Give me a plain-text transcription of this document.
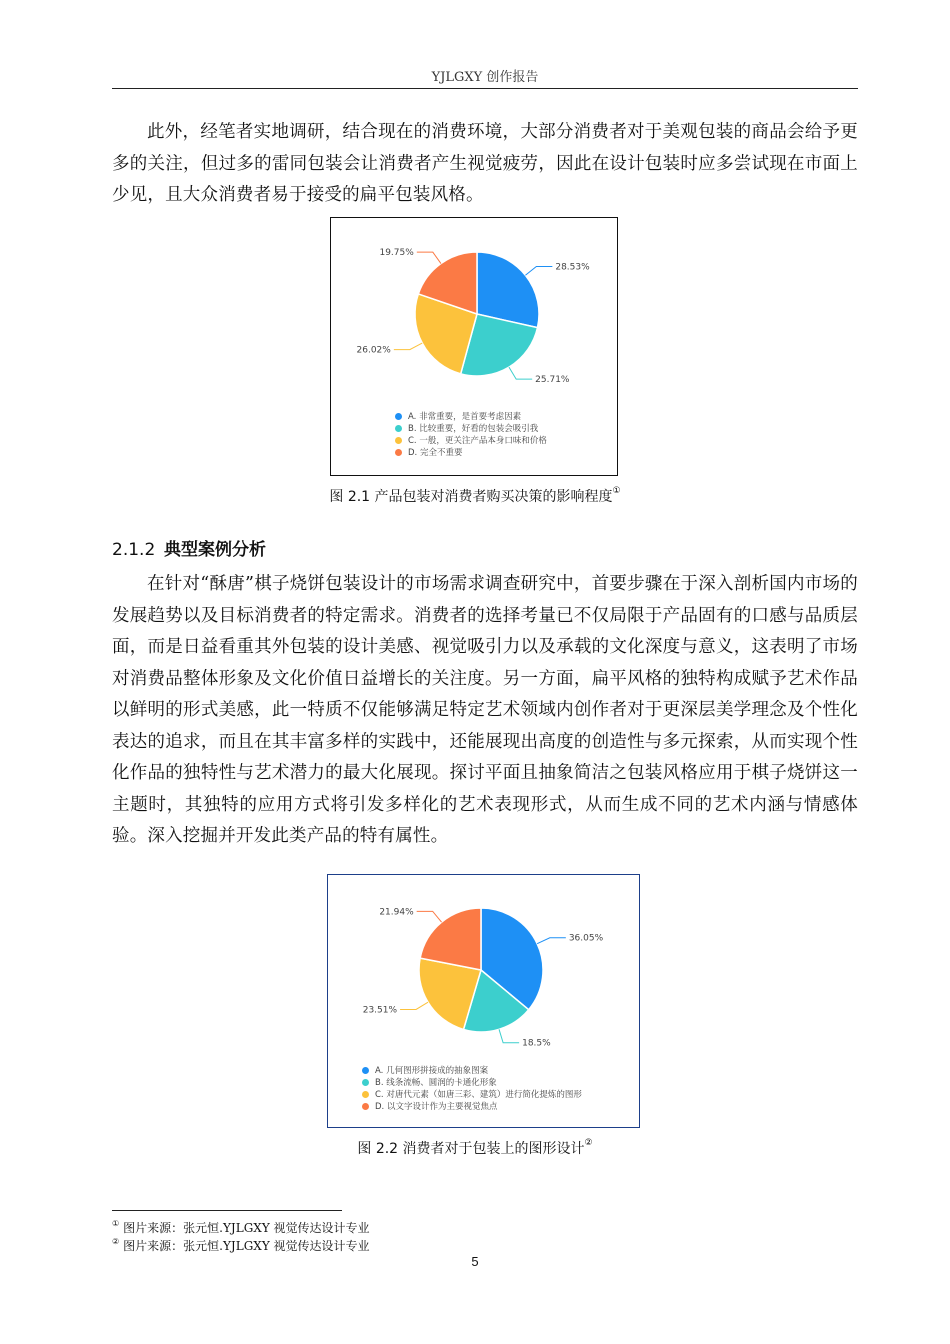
YJLGXY 创作报告

此外，经笔者实地调研，结合现在的消费环境，大部分消费者对于美观包装的商品会给予更多的关注，但过多的雷同包装会让消费者产生视觉疲劳，因此在设计包装时应多尝试现在市面上少见，且大众消费者易于接受的扁平包装风格。

28.53%
25.71%
26.02%
19.75%
A. 非常重要，是首要考虑因素
B. 比较重要，好看的包装会吸引我
C. 一般，更关注产品本身口味和价格
D. 完全不重要
图 2.1 产品包装对消费者购买决策的影响程度①
2.1.2 典型案例分析

在针对“酥唐”棋子烧饼包装设计的市场需求调查研究中，首要步骤在于深入剖析国内市场的发展趋势以及目标消费者的特定需求。消费者的选择考量已不仅局限于产品固有的口感与品质层面，而是日益看重其外包装的设计美感、视觉吸引力以及承载的文化深度与意义，这表明了市场对消费品整体形象及文化价值日益增长的关注度。另一方面，扁平风格的独特构成赋予艺术作品以鲜明的形式美感，此一特质不仅能够满足特定艺术领域内创作者对于更深层美学理念及个性化表达的追求，而且在其丰富多样的实践中，还能展现出高度的创造性与多元探索，从而实现个性化作品的独特性与艺术潜力的最大化展现。探讨平面且抽象简洁之包装风格应用于棋子烧饼这一主题时，其独特的应用方式将引发多样化的艺术表现形式，从而生成不同的艺术内涵与情感体验。深入挖掘并开发此类产品的特有属性。

36.05%
18.5%
23.51%
21.94%
A. 几何图形拼接成的抽象图案
B. 线条流畅、圆润的卡通化形象
C. 对唐代元素（如唐三彩、建筑）进行简化提炼的图形
D. 以文字设计作为主要视觉焦点
图 2.2 消费者对于包装上的图形设计②
① 图片来源：张元恒.YJLGXY 视觉传达设计专业
② 图片来源：张元恒.YJLGXY 视觉传达设计专业
5
